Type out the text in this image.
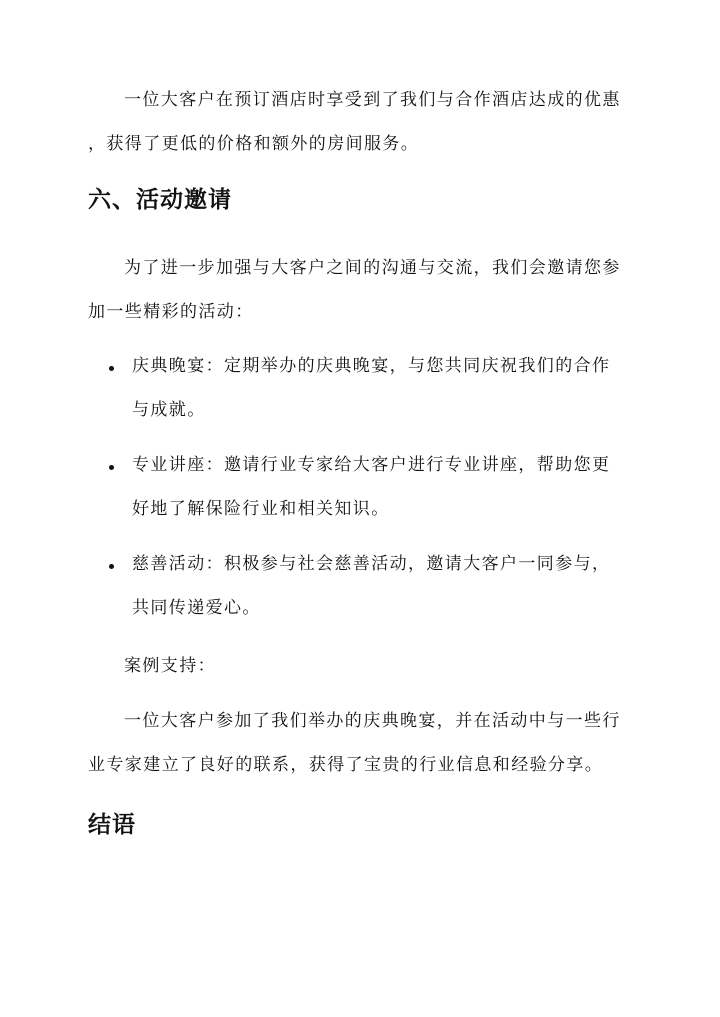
一位大客户在预订酒店时享受到了我们与合作酒店达成的优惠
，获得了更低的价格和额外的房间服务。
六、活动邀请
为了进一步加强与大客户之间的沟通与交流，我们会邀请您参
加一些精彩的活动：
庆典晚宴：定期举办的庆典晚宴，与您共同庆祝我们的合作
与成就。
专业讲座：邀请行业专家给大客户进行专业讲座，帮助您更
好地了解保险行业和相关知识。
慈善活动：积极参与社会慈善活动，邀请大客户一同参与，
共同传递爱心。
案例支持：
一位大客户参加了我们举办的庆典晚宴，并在活动中与一些行
业专家建立了良好的联系，获得了宝贵的行业信息和经验分享。
结语
